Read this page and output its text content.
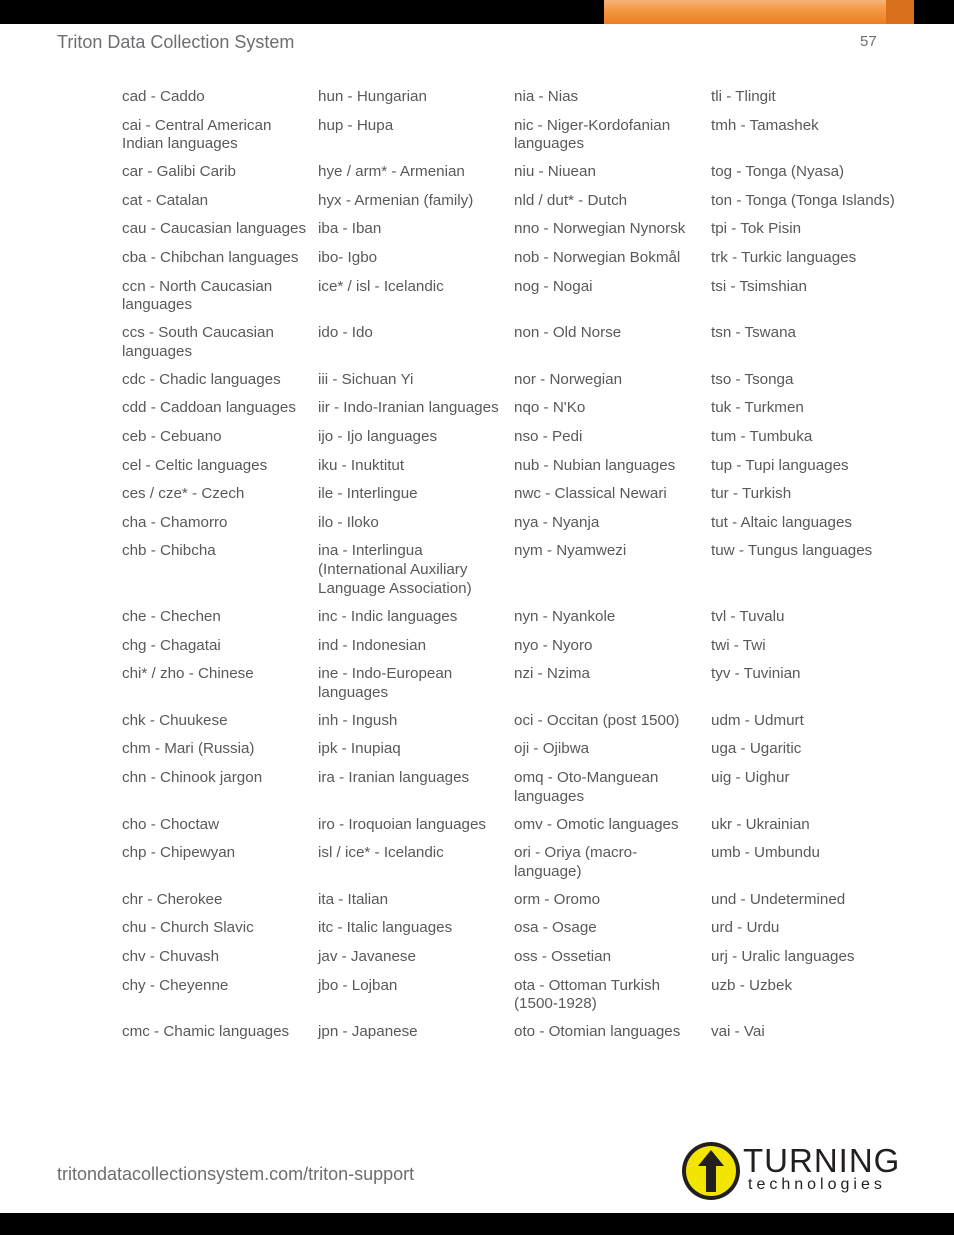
Triton Data Collection System	57
cad - Caddo
cai - Central American Indian languages
car - Galibi Carib
cat - Catalan
cau - Caucasian languages
cba - Chibchan languages
ccn - North Caucasian languages
ccs - South Caucasian languages
cdc - Chadic languages
cdd - Caddoan languages
ceb - Cebuano
cel - Celtic languages
ces / cze* - Czech
cha - Chamorro
chb - Chibcha
che - Chechen
chg - Chagatai
chi* / zho - Chinese
chk - Chuukese
chm - Mari (Russia)
chn - Chinook jargon
cho - Choctaw
chp - Chipewyan
chr - Cherokee
chu - Church Slavic
chv - Chuvash
chy - Cheyenne
cmc - Chamic languages
hun - Hungarian
hup - Hupa
hye / arm* - Armenian
hyx - Armenian (family)
iba - Iban
ibo- Igbo
ice* / isl - Icelandic
ido - Ido
iii - Sichuan Yi
iir - Indo-Iranian languages
ijo - Ijo languages
iku - Inuktitut
ile - Interlingue
ilo - Iloko
ina - Interlingua (International Auxiliary Language Association)
inc - Indic languages
ind - Indonesian
ine - Indo-European languages
inh - Ingush
ipk - Inupiaq
ira - Iranian languages
iro - Iroquoian languages
isl / ice* - Icelandic
ita - Italian
itc - Italic languages
jav - Javanese
jbo - Lojban
jpn - Japanese
nia - Nias
nic - Niger-Kordofanian languages
niu - Niuean
nld / dut* - Dutch
nno - Norwegian Nynorsk
nob - Norwegian Bokmål
nog - Nogai
non - Old Norse
nor - Norwegian
nqo - N'Ko
nso - Pedi
nub - Nubian languages
nwc - Classical Newari
nya - Nyanja
nym - Nyamwezi
nyn - Nyankole
nyo - Nyoro
nzi - Nzima
oci - Occitan (post 1500)
oji - Ojibwa
omq - Oto-Manguean languages
omv - Omotic languages
ori - Oriya (macro-language)
orm - Oromo
osa - Osage
oss - Ossetian
ota - Ottoman Turkish (1500-1928)
oto - Otomian languages
tli - Tlingit
tmh - Tamashek
tog - Tonga (Nyasa)
ton - Tonga (Tonga Islands)
tpi - Tok Pisin
trk - Turkic languages
tsi - Tsimshian
tsn - Tswana
tso - Tsonga
tuk - Turkmen
tum - Tumbuka
tup - Tupi languages
tur - Turkish
tut - Altaic languages
tuw - Tungus languages
tvl - Tuvalu
twi - Twi
tyv - Tuvinian
udm - Udmurt
uga - Ugaritic
uig - Uighur
ukr - Ukrainian
umb - Umbundu
und - Undetermined
urd - Urdu
urj - Uralic languages
uzb - Uzbek
vai - Vai
tritondatacollectionsystem.com/triton-support	TURNING
technologies
